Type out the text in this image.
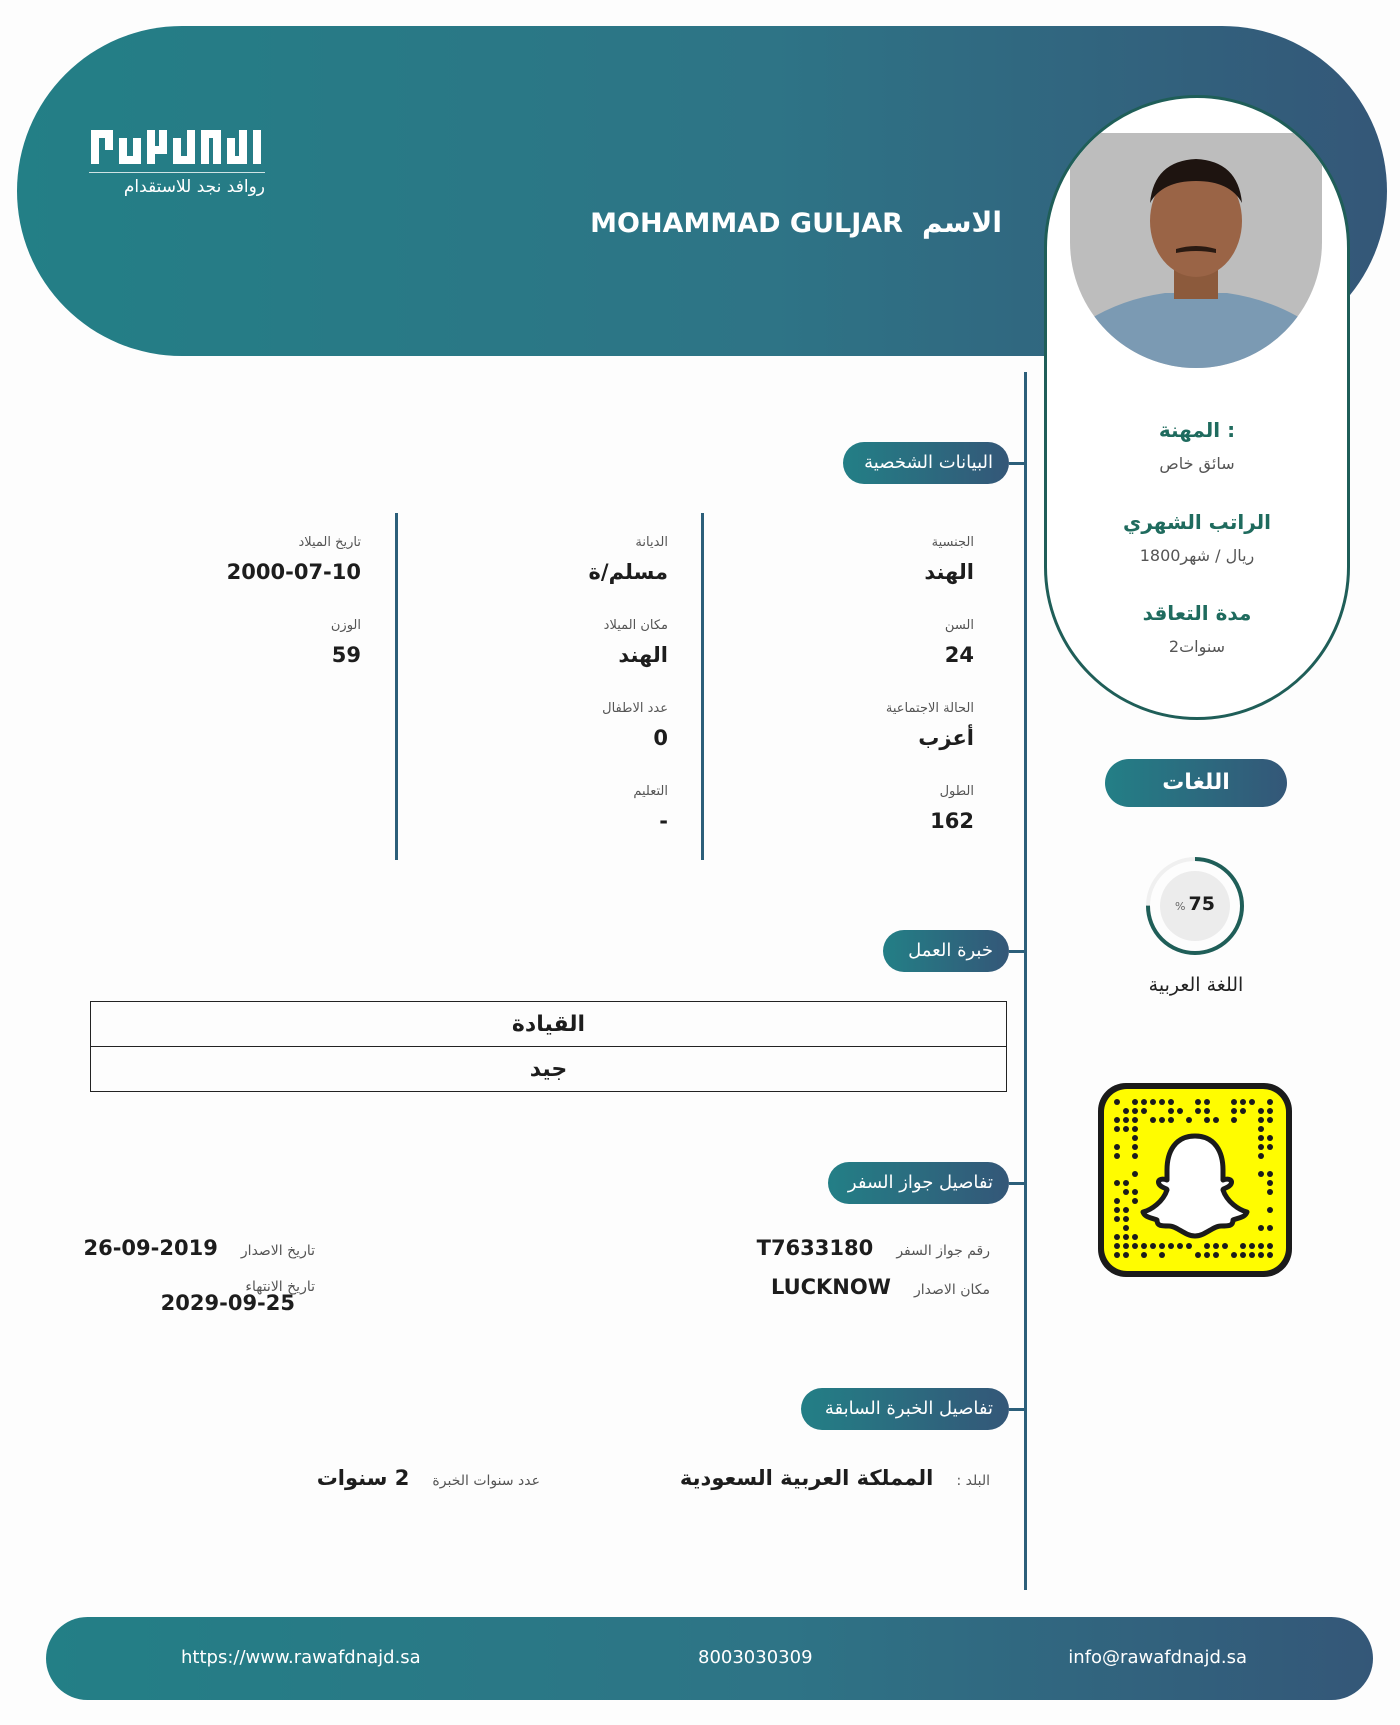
روافد نجد للاستقدام
الاسم MOHAMMAD GULJAR
المهنة :
سائق خاص
الراتب الشهري
1800ريال / شهر
مدة التعاقد
2سنوات
البيانات الشخصية
الجنسية
الهند
السن
24
الحالة الاجتماعية
أعزب
الطول
162
الديانة
مسلم/ة
مكان الميلاد
الهند
عدد الاطفال
0
التعليم
-
تاريخ الميلاد
2000-07-10
الوزن
59
خبرة العمل
القيادة
جيد
تفاصيل جواز السفر
رقم جواز السفر T7633180
مكان الاصدار LUCKNOW
تاريخ الاصدار 2019-09-26
تاريخ الانتهاء
2029-09-25
تفاصيل الخبرة السابقة
البلد : المملكة العربية السعودية
عدد سنوات الخبرة 2 سنوات
اللغات
% 75
اللغة العربية
https://www.rawafdnajd.sa	8003030309	info@rawafdnajd.sa
